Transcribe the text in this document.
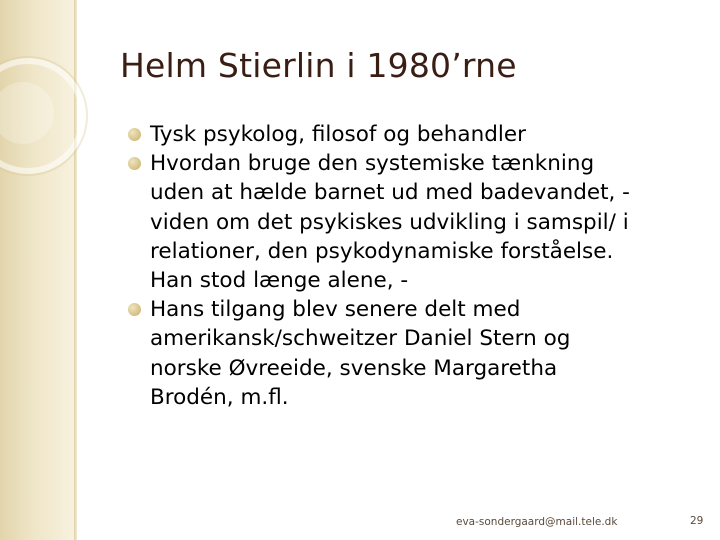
Helm Stierlin i 1980’rne
Tysk psykolog, filosof og behandler
Hvordan bruge den systemiske tænkning
uden at hælde barnet ud med badevandet, -
viden om det psykiskes udvikling i samspil/ i
relationer, den psykodynamiske forståelse.
Han stod længe alene, -
Hans tilgang blev senere delt med
amerikansk/schweitzer Daniel Stern og
norske Øvreeide, svenske Margaretha
Brodén, m.fl.
eva-sondergaard@mail.tele.dk	29
